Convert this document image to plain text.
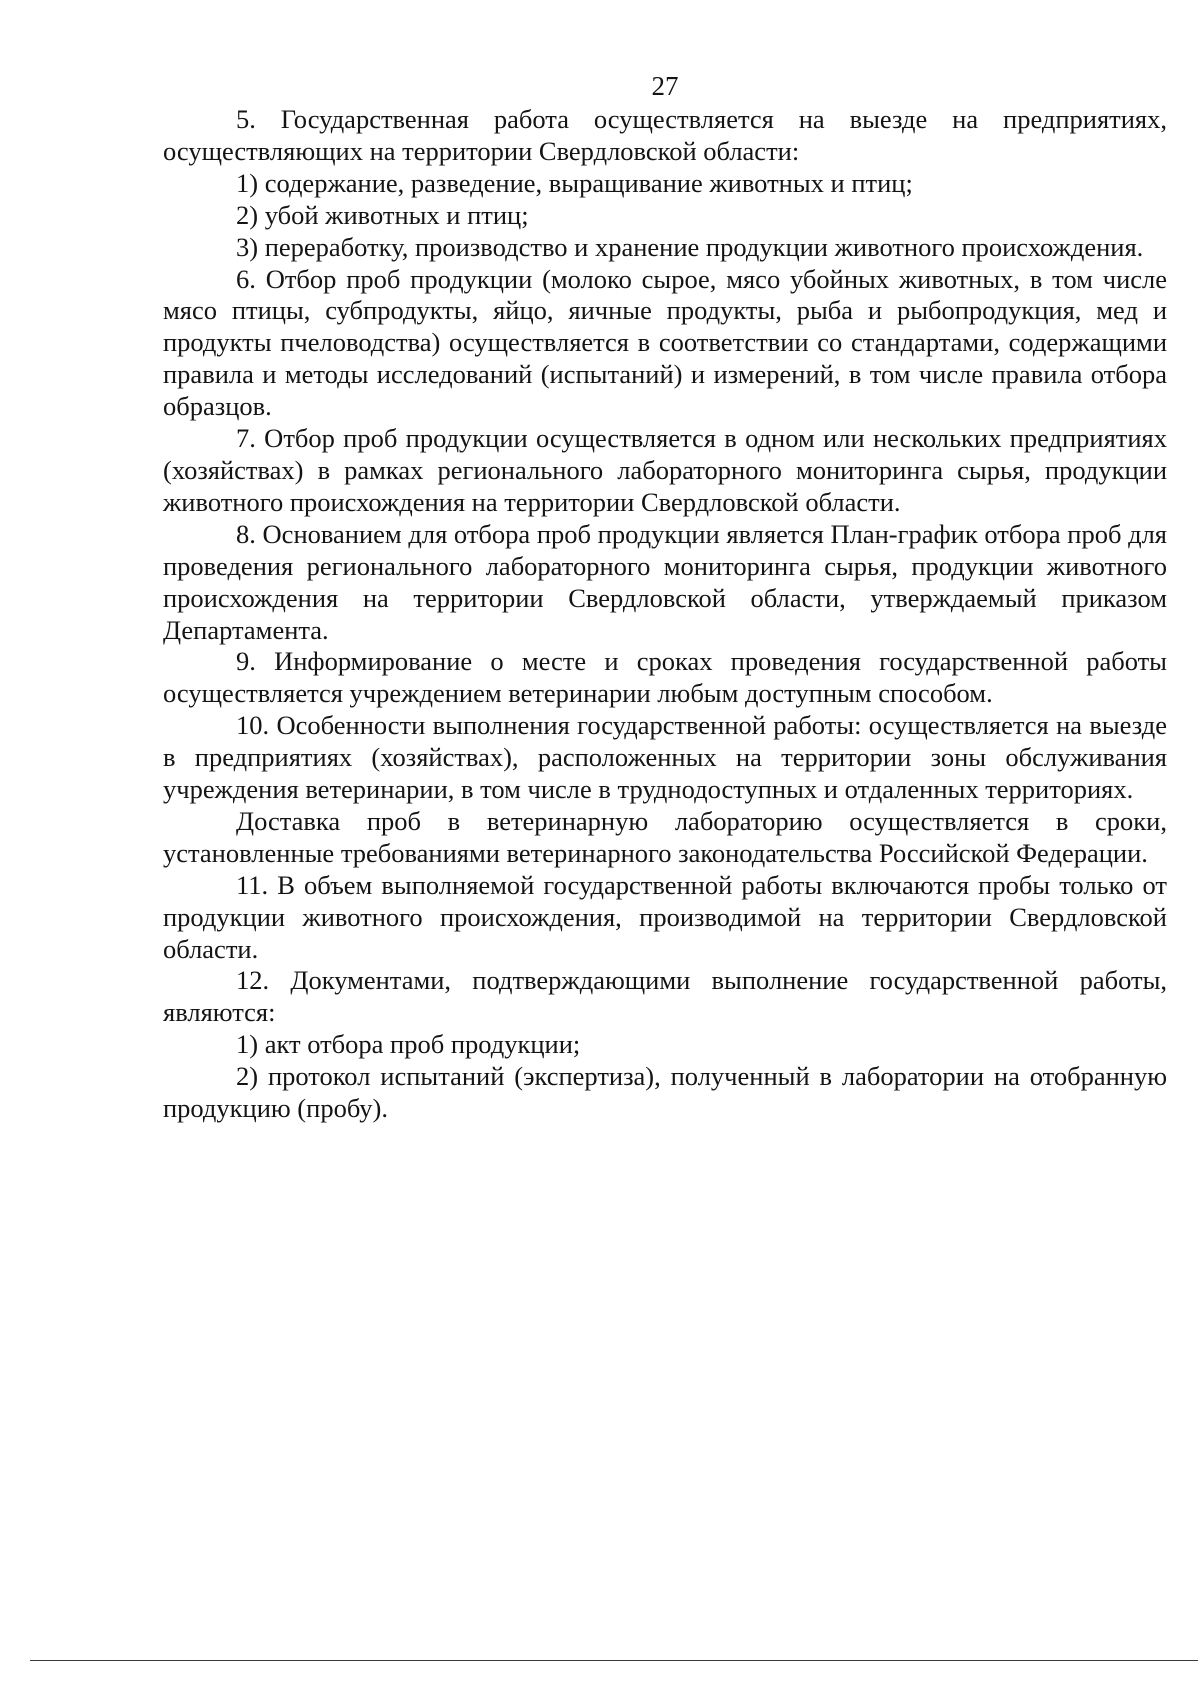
27

5. Государственная работа осуществляется на выезде на предприятиях, осуществляющих на территории Свердловской области:

1) содержание, разведение, выращивание животных и птиц;

2) убой животных и птиц;

3) переработку, производство и хранение продукции животного происхождения.

6. Отбор проб продукции (молоко сырое, мясо убойных животных, в том числе мясо птицы, субпродукты, яйцо, яичные продукты, рыба и рыбопродукция, мед и продукты пчеловодства) осуществляется в соответствии со стандартами, содержащими правила и методы исследований (испытаний) и измерений, в том числе правила отбора образцов.

7. Отбор проб продукции осуществляется в одном или нескольких предприятиях (хозяйствах) в рамках регионального лабораторного мониторинга сырья, продукции животного происхождения на территории Свердловской области.

8. Основанием для отбора проб продукции является План-график отбора проб для проведения регионального лабораторного мониторинга сырья, продукции животного происхождения на территории Свердловской области, утверждаемый приказом Департамента.

9. Информирование о месте и сроках проведения государственной работы осуществляется учреждением ветеринарии любым доступным способом.

10. Особенности выполнения государственной работы: осуществляется на выезде в предприятиях (хозяйствах), расположенных на территории зоны обслуживания учреждения ветеринарии, в том числе в труднодоступных и отдаленных территориях.

Доставка проб в ветеринарную лабораторию осуществляется в сроки, установленные требованиями ветеринарного законодательства Российской Федерации.

11. В объем выполняемой государственной работы включаются пробы только от продукции животного происхождения, производимой на территории Свердловской области.

12. Документами, подтверждающими выполнение государственной работы, являются:

1) акт отбора проб продукции;

2) протокол испытаний (экспертиза), полученный в лаборатории на отобранную продукцию (пробу).
